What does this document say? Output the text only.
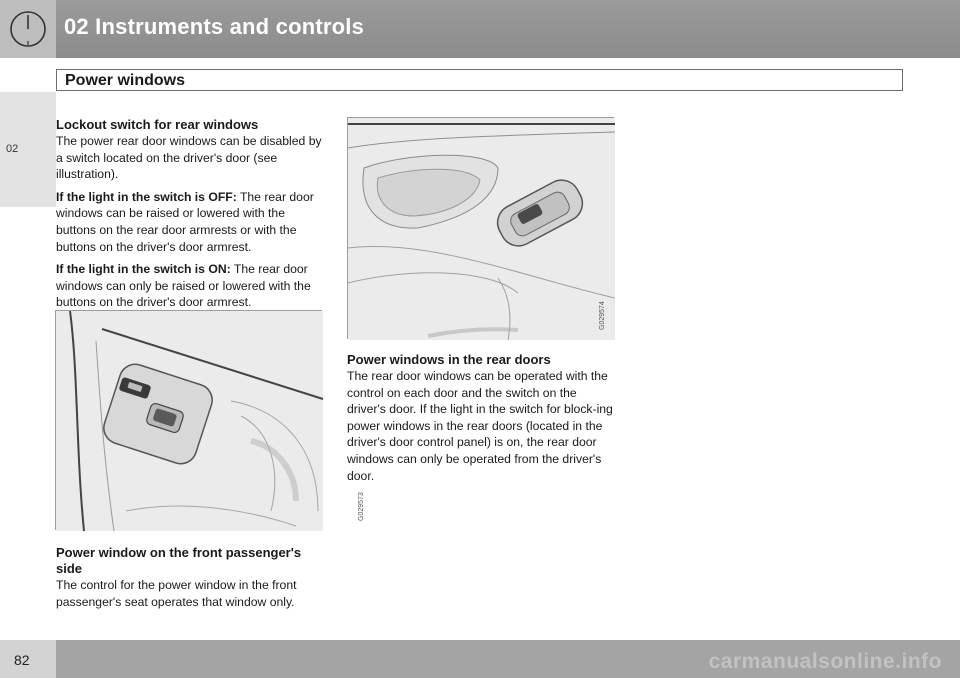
02 Instruments and controls
Power windows
02
Lockout switch for rear windows

The power rear door windows can be disabled by a switch located on the driver's door (see illustration).

If the light in the switch is OFF: The rear door windows can be raised or lowered with the buttons on the rear door armrests or with the buttons on the driver's door armrest.

If the light in the switch is ON: The rear door windows can only be raised or lowered with the buttons on the driver's door armrest.

G029573
Power window on the front passenger's side

The control for the power window in the front passenger's seat operates that window only.

G029574
Power windows in the rear doors

The rear door windows can be operated with the control on each door and the switch on the driver's door. If the light in the switch for block-ing power windows in the rear doors (located in the driver's door control panel) is on, the rear door windows can only be operated from the driver's door.

82	carmanualsonline.info
